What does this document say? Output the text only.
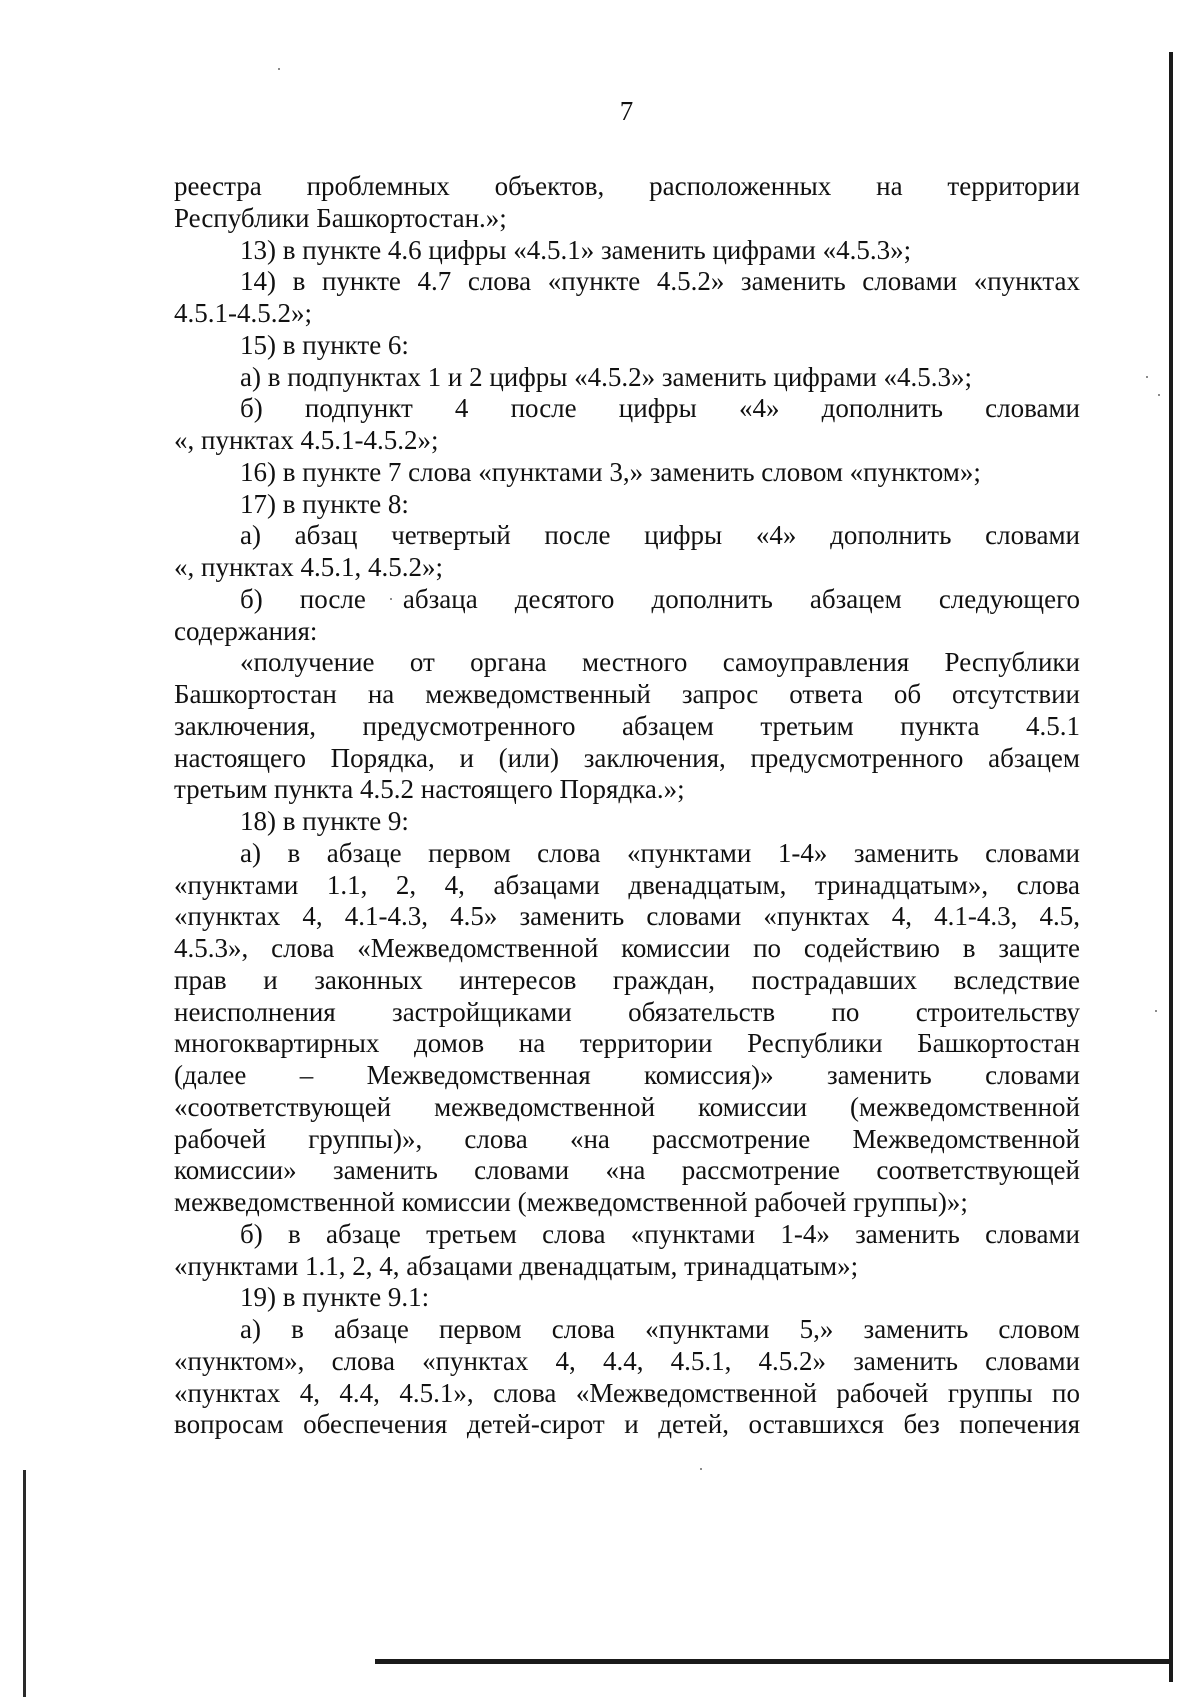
7

реестра проблемных объектов, расположенных на территории
Республики Башкортостан.»;
13) в пункте 4.6 цифры «4.5.1» заменить цифрами «4.5.3»;
14) в пункте 4.7 слова «пункте 4.5.2» заменить словами «пунктах
4.5.1-4.5.2»;
15) в пункте 6:
а) в подпунктах 1 и 2 цифры «4.5.2» заменить цифрами «4.5.3»;
б) подпункт 4 после цифры «4» дополнить словами
«, пунктах 4.5.1-4.5.2»;
16) в пункте 7 слова «пунктами 3,» заменить словом «пунктом»;
17) в пункте 8:
а) абзац четвертый после цифры «4» дополнить словами
«, пунктах 4.5.1, 4.5.2»;
б) после абзаца десятого дополнить абзацем следующего
содержания:
«получение от органа местного самоуправления Республики
Башкортостан на межведомственный запрос ответа об отсутствии
заключения, предусмотренного абзацем третьим пункта 4.5.1
настоящего Порядка, и (или) заключения, предусмотренного абзацем
третьим пункта 4.5.2 настоящего Порядка.»;
18) в пункте 9:
а) в абзаце первом слова «пунктами 1-4» заменить словами
«пунктами 1.1, 2, 4, абзацами двенадцатым, тринадцатым», слова
«пунктах 4, 4.1-4.3, 4.5» заменить словами «пунктах 4, 4.1-4.3, 4.5,
4.5.3», слова «Межведомственной комиссии по содействию в защите
прав и законных интересов граждан, пострадавших вследствие
неисполнения застройщиками обязательств по строительству
многоквартирных домов на территории Республики Башкортостан
(далее – Межведомственная комиссия)» заменить словами
«соответствующей межведомственной комиссии (межведомственной
рабочей группы)», слова «на рассмотрение Межведомственной
комиссии» заменить словами «на рассмотрение соответствующей
межведомственной комиссии (межведомственной рабочей группы)»;
б) в абзаце третьем слова «пунктами 1-4» заменить словами
«пунктами 1.1, 2, 4, абзацами двенадцатым, тринадцатым»;
19) в пункте 9.1:
а) в абзаце первом слова «пунктами 5,» заменить словом
«пунктом», слова «пунктах 4, 4.4, 4.5.1, 4.5.2» заменить словами
«пунктах 4, 4.4, 4.5.1», слова «Межведомственной рабочей группы по
вопросам обеспечения детей-сирот и детей, оставшихся без попечения
